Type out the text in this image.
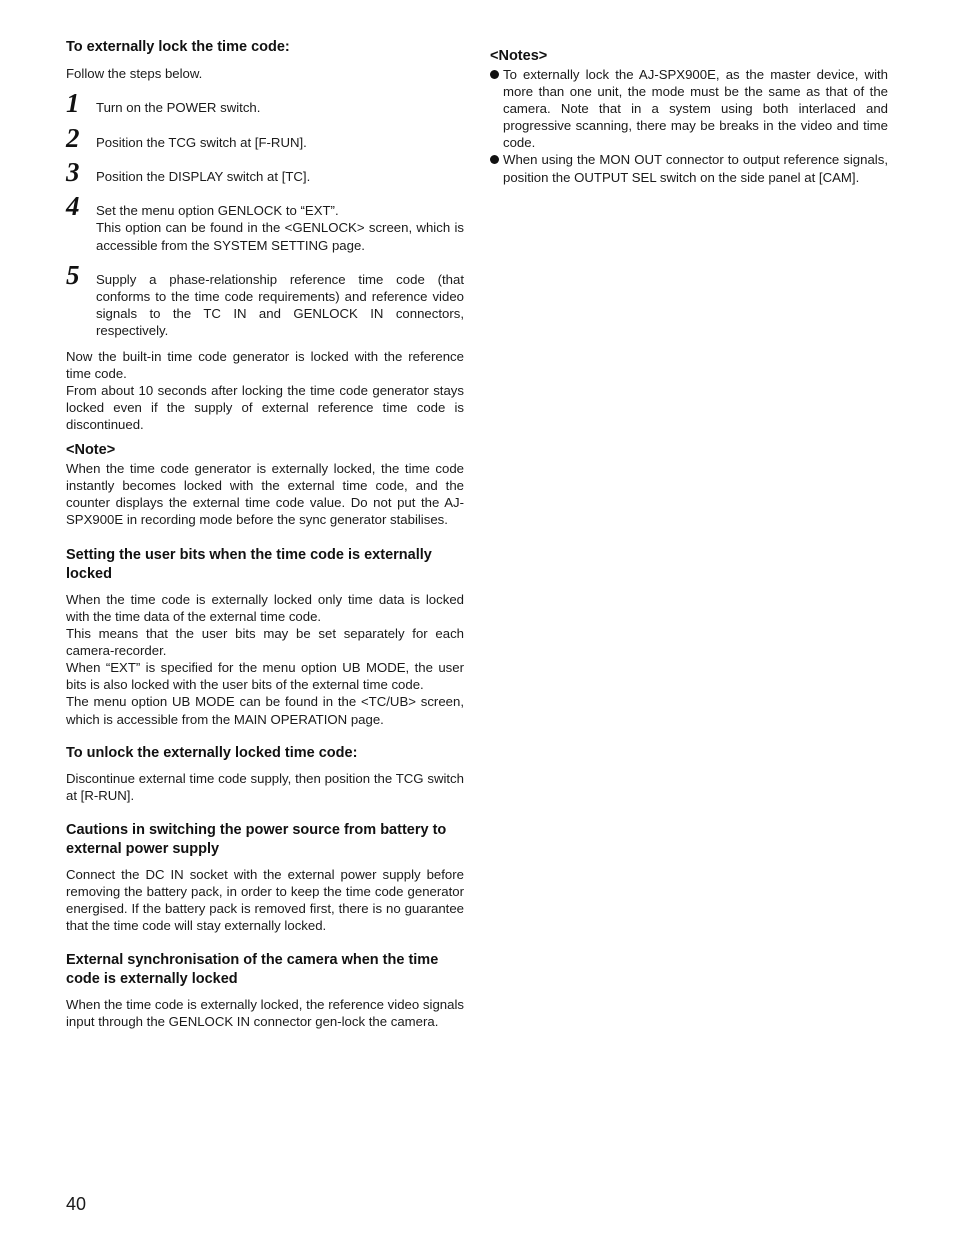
To externally lock the time code:

Follow the steps below.

1 Turn on the POWER switch.

2 Position the TCG switch at [F-RUN].

3 Position the DISPLAY switch at [TC].

4 Set the menu option GENLOCK to “EXT”.

This option can be found in the <GENLOCK> screen, which is accessible from the SYSTEM SETTING page.

5 Supply a phase-relationship reference time code (that conforms to the time code requirements) and reference video signals to the TC IN and GENLOCK IN connectors, respectively.

Now the built-in time code generator is locked with the reference time code.

From about 10 seconds after locking the time code generator stays locked even if the supply of external reference time code is discontinued.

<Note>

When the time code generator is externally locked, the time code instantly becomes locked with the external time code, and the counter displays the external time code value. Do not put the AJ-SPX900E in recording mode before the sync generator stabilises.

Setting the user bits when the time code is externally locked

When the time code is externally locked only time data is locked with the time data of the external time code.

This means that the user bits may be set separately for each camera-recorder.

When “EXT” is specified for the menu option UB MODE, the user bits is also locked with the user bits of the external time code.

The menu option UB MODE can be found in the <TC/UB> screen, which is accessible from the MAIN OPERATION page.

To unlock the externally locked time code:

Discontinue external time code supply, then position the TCG switch at [R-RUN].

Cautions in switching the power source from battery to external power supply

Connect the DC IN socket with the external power supply before removing the battery pack, in order to keep the time code generator energised. If the battery pack is removed first, there is no guarantee that the time code will stay externally locked.

External synchronisation of the camera when the time code is externally locked

When the time code is externally locked, the reference video signals input through the GENLOCK IN connector gen-lock the camera.

<Notes>

To externally lock the AJ-SPX900E, as the master device, with more than one unit, the mode must be the same as that of the camera. Note that in a system using both interlaced and progressive scanning, there may be breaks in the video and time code.

When using the MON OUT connector to output reference signals, position the OUTPUT SEL switch on the side panel at [CAM].

40
